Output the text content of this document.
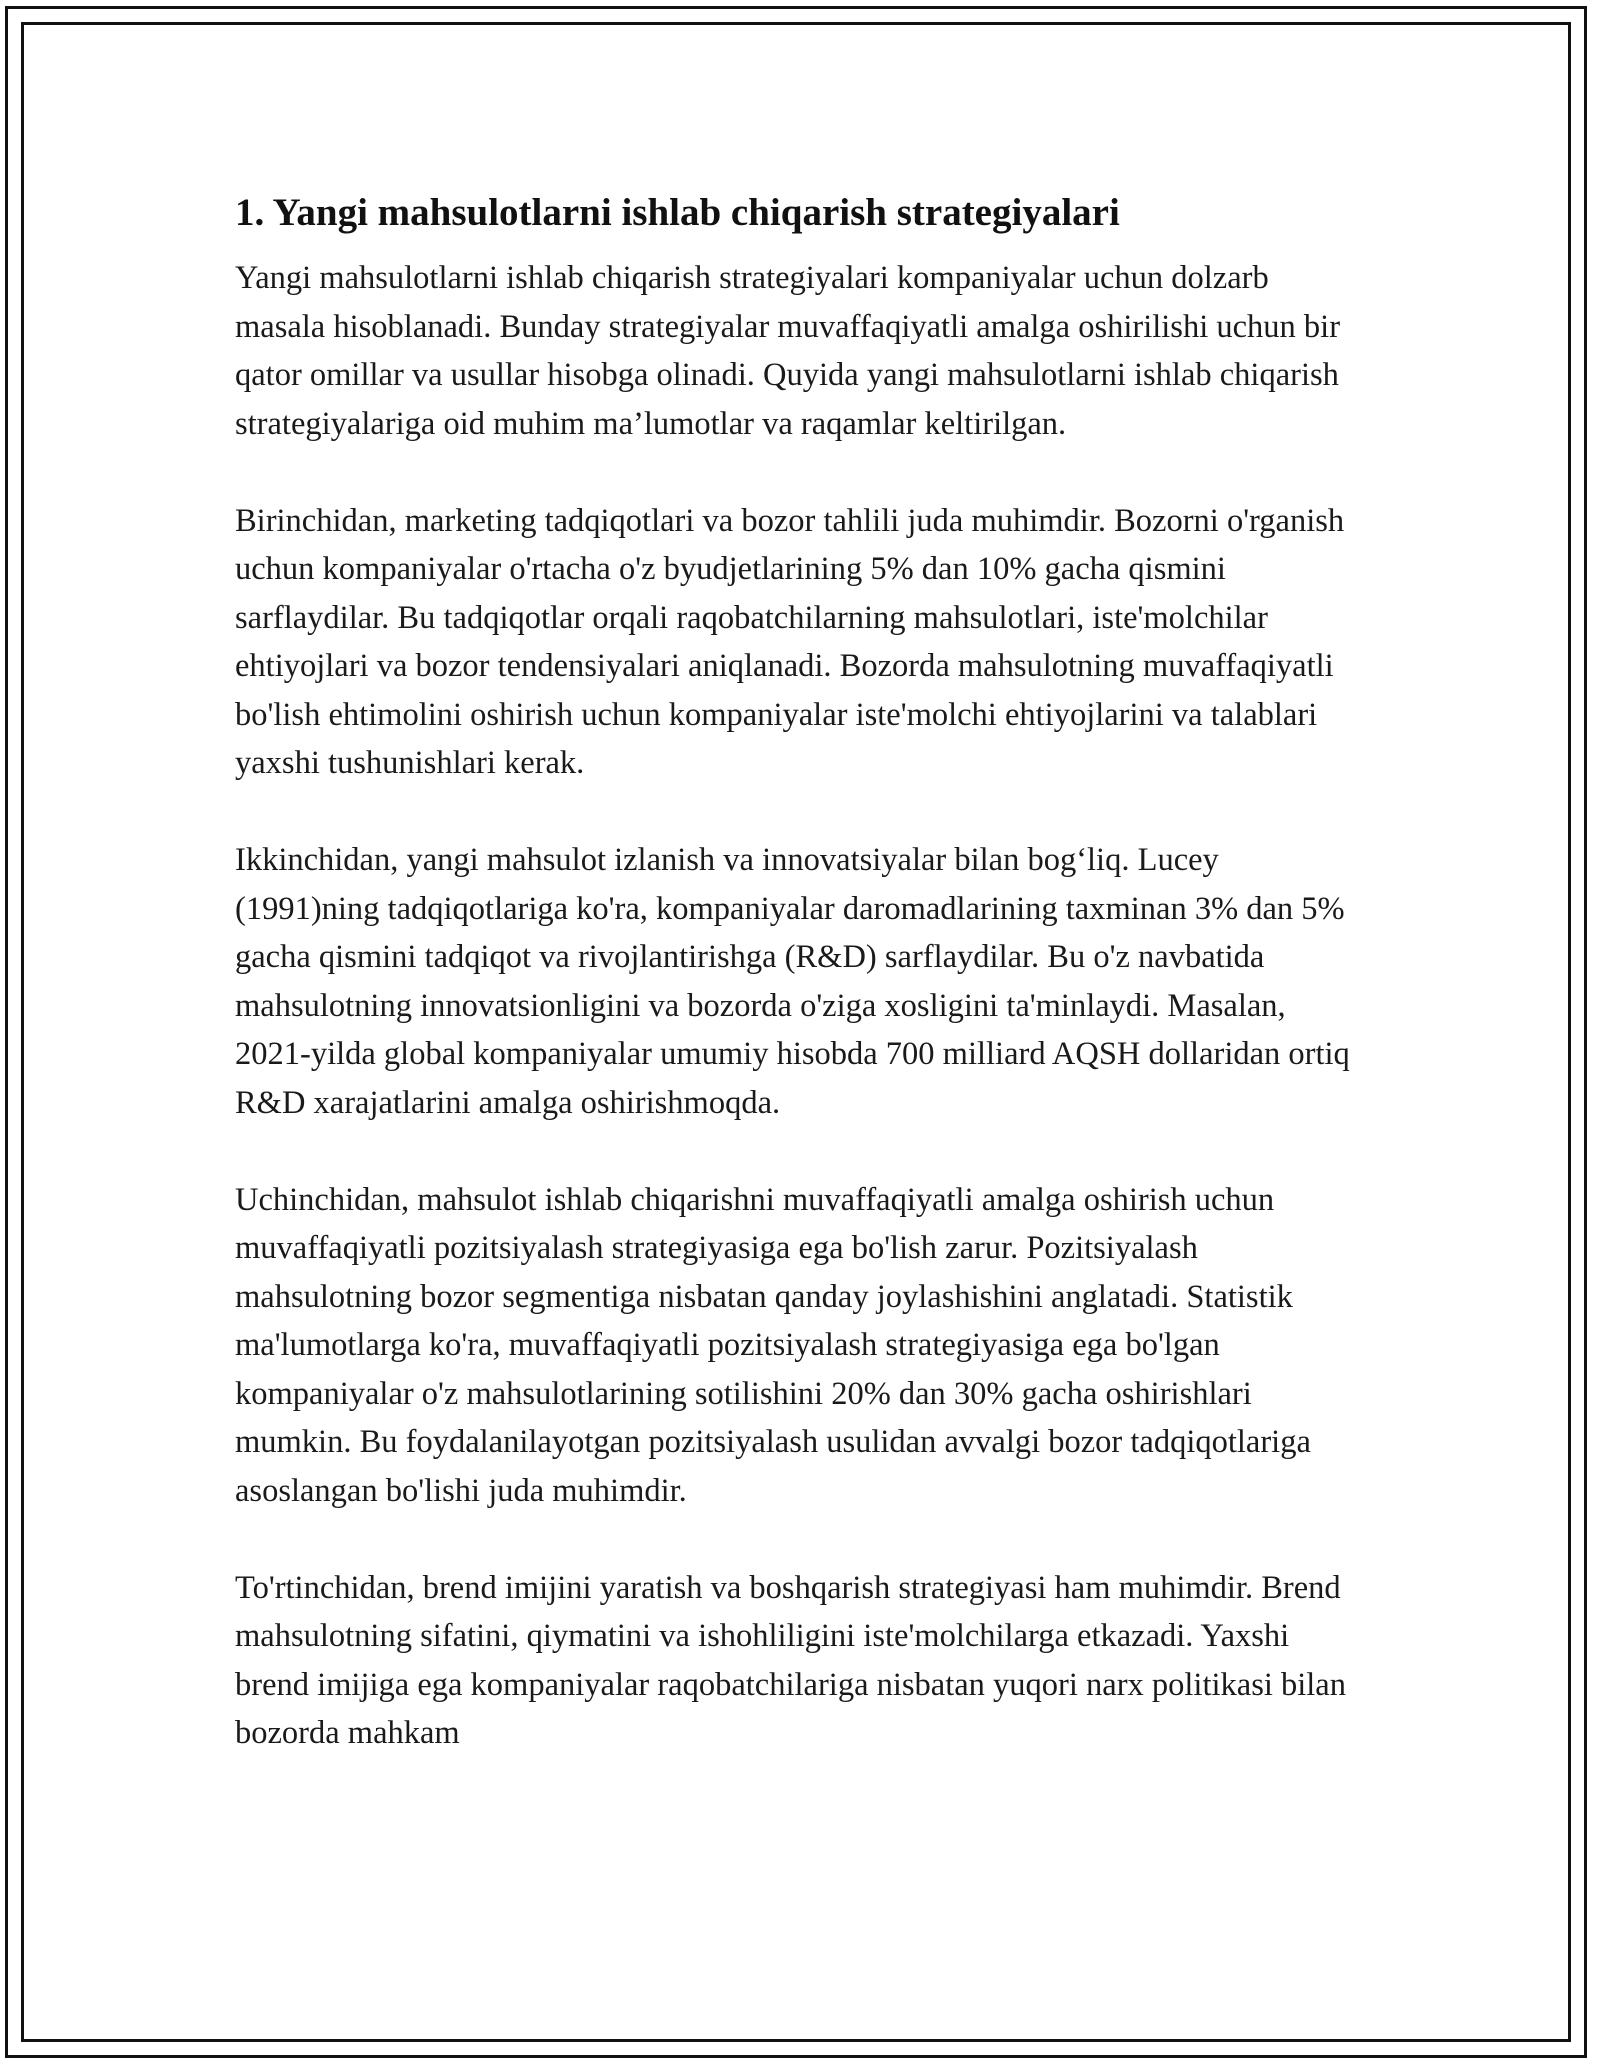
1. Yangi mahsulotlarni ishlab chiqarish strategiyalari

Yangi mahsulotlarni ishlab chiqarish strategiyalari kompaniyalar uchun dolzarb masala hisoblanadi. Bunday strategiyalar muvaffaqiyatli amalga oshirilishi uchun bir qator omillar va usullar hisobga olinadi. Quyida yangi mahsulotlarni ishlab chiqarish strategiyalariga oid muhim ma’lumotlar va raqamlar keltirilgan.

Birinchidan, marketing tadqiqotlari va bozor tahlili juda muhimdir. Bozorni o'rganish uchun kompaniyalar o'rtacha o'z byudjetlarining 5% dan 10% gacha qismini sarflaydilar. Bu tadqiqotlar orqali raqobatchilarning mahsulotlari, iste'molchilar ehtiyojlari va bozor tendensiyalari aniqlanadi. Bozorda mahsulotning muvaffaqiyatli bo'lish ehtimolini oshirish uchun kompaniyalar iste'molchi ehtiyojlarini va talablari yaxshi tushunishlari kerak.

Ikkinchidan, yangi mahsulot izlanish va innovatsiyalar bilan bog‘liq. Lucey (1991)ning tadqiqotlariga ko'ra, kompaniyalar daromadlarining taxminan 3% dan 5% gacha qismini tadqiqot va rivojlantirishga (R&D) sarflaydilar. Bu o'z navbatida mahsulotning innovatsionligini va bozorda o'ziga xosligini ta'minlaydi. Masalan, 2021-yilda global kompaniyalar umumiy hisobda 700 milliard AQSH dollaridan ortiq R&D xarajatlarini amalga oshirishmoqda.

Uchinchidan, mahsulot ishlab chiqarishni muvaffaqiyatli amalga oshirish uchun muvaffaqiyatli pozitsiyalash strategiyasiga ega bo'lish zarur. Pozitsiyalash mahsulotning bozor segmentiga nisbatan qanday joylashishini anglatadi. Statistik ma'lumotlarga ko'ra, muvaffaqiyatli pozitsiyalash strategiyasiga ega bo'lgan kompaniyalar o'z mahsulotlarining sotilishini 20% dan 30% gacha oshirishlari mumkin. Bu foydalanilayotgan pozitsiyalash usulidan avvalgi bozor tadqiqotlariga asoslangan bo'lishi juda muhimdir.

To'rtinchidan, brend imijini yaratish va boshqarish strategiyasi ham muhimdir. Brend mahsulotning sifatini, qiymatini va ishohliligini iste'molchilarga etkazadi. Yaxshi brend imijiga ega kompaniyalar raqobatchilariga nisbatan yuqori narx politikasi bilan bozorda mahkam
